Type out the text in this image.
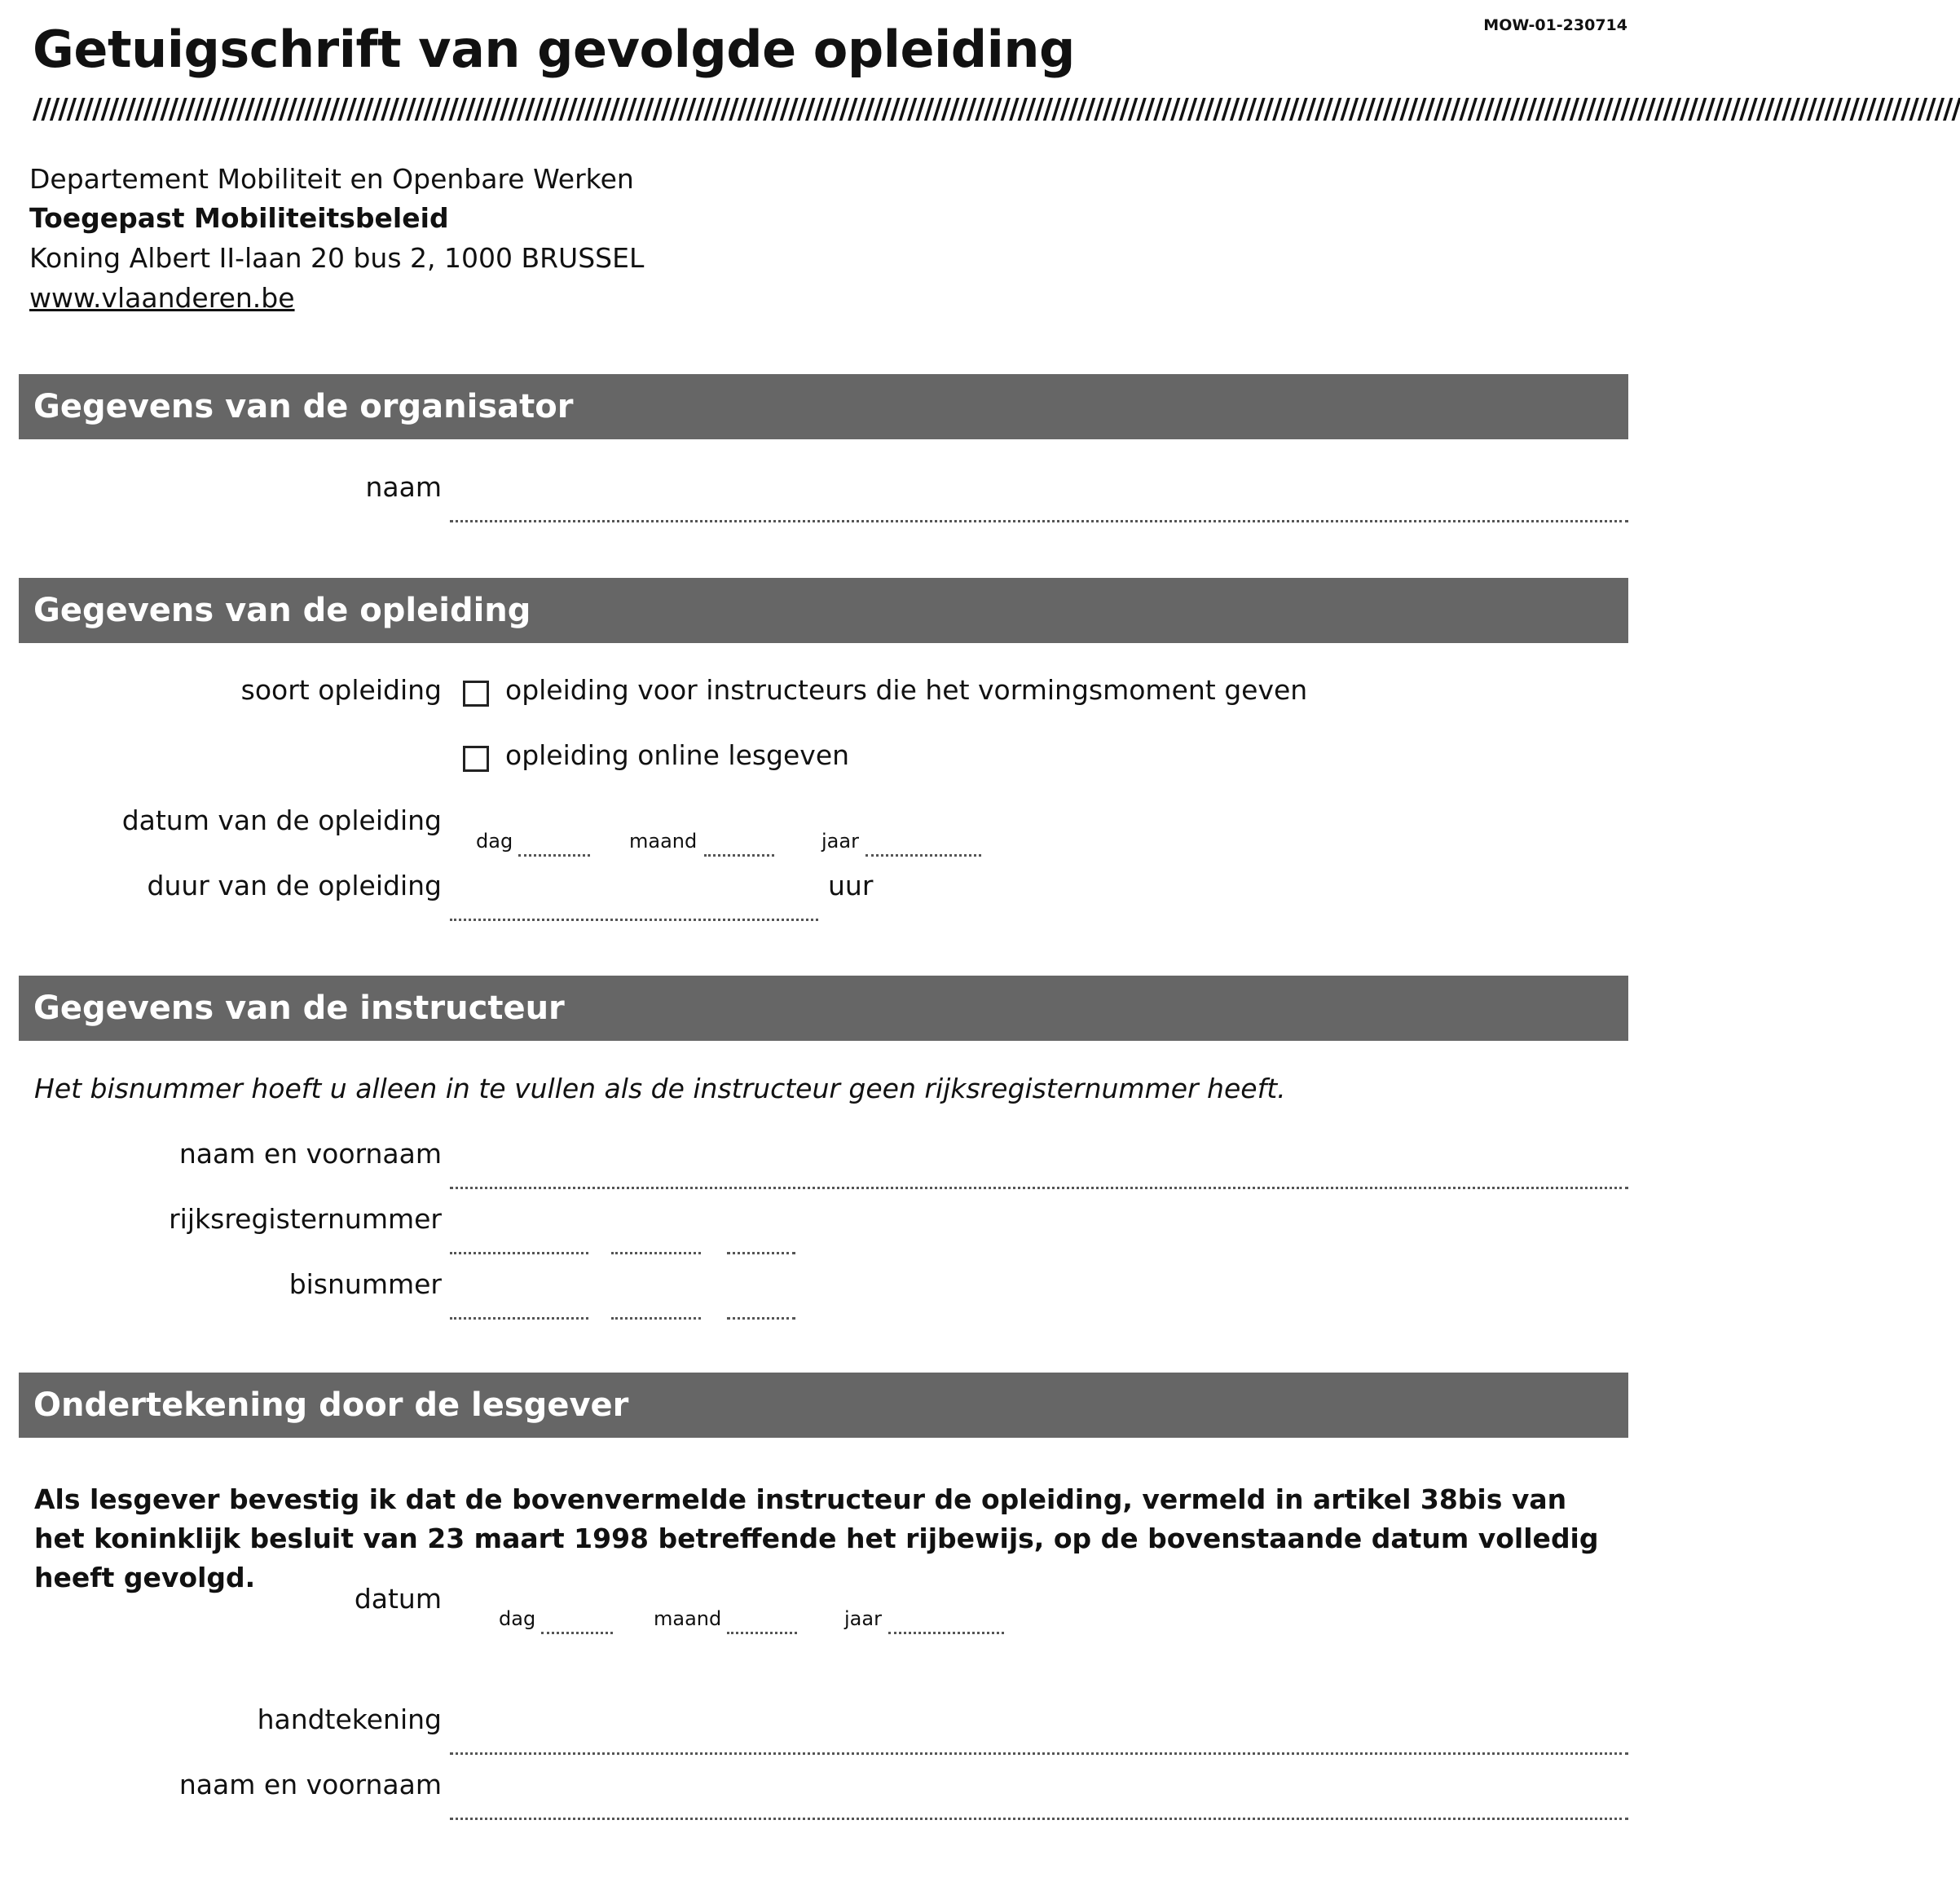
MOW-01-230714
Getuigschrift van gevolgde opleiding
///////////////////////////////////////////////////////////////////////////////////////////////////////////////////////////////////////////////////////////////////////////////////////////////////////////////////////////////////
Departement Mobiliteit en Openbare Werken
Toegepast Mobiliteitsbeleid
Koning Albert II-laan 20 bus 2, 1000 BRUSSEL
www.vlaanderen.be
Gegevens van de organisator
naam
Gegevens van de opleiding
soort opleiding opleiding voor instructeurs die het vormingsmoment geven
opleiding online lesgeven
datum van de opleiding
dag	maand	jaar
duur van de opleiding	uur
Gegevens van de instructeur
Het bisnummer hoeft u alleen in te vullen als de instructeur geen rijksregisternummer heeft.
naam en voornaam
rijksregisternummer
bisnummer
Ondertekening door de lesgever
Als lesgever bevestig ik dat de bovenvermelde instructeur de opleiding, vermeld in artikel 38bis van het koninklijk besluit van 23 maart 1998 betreffende het rijbewijs, op de bovenstaande datum volledig heeft gevolgd.
datum
dag	maand	jaar
handtekening
naam en voornaam
